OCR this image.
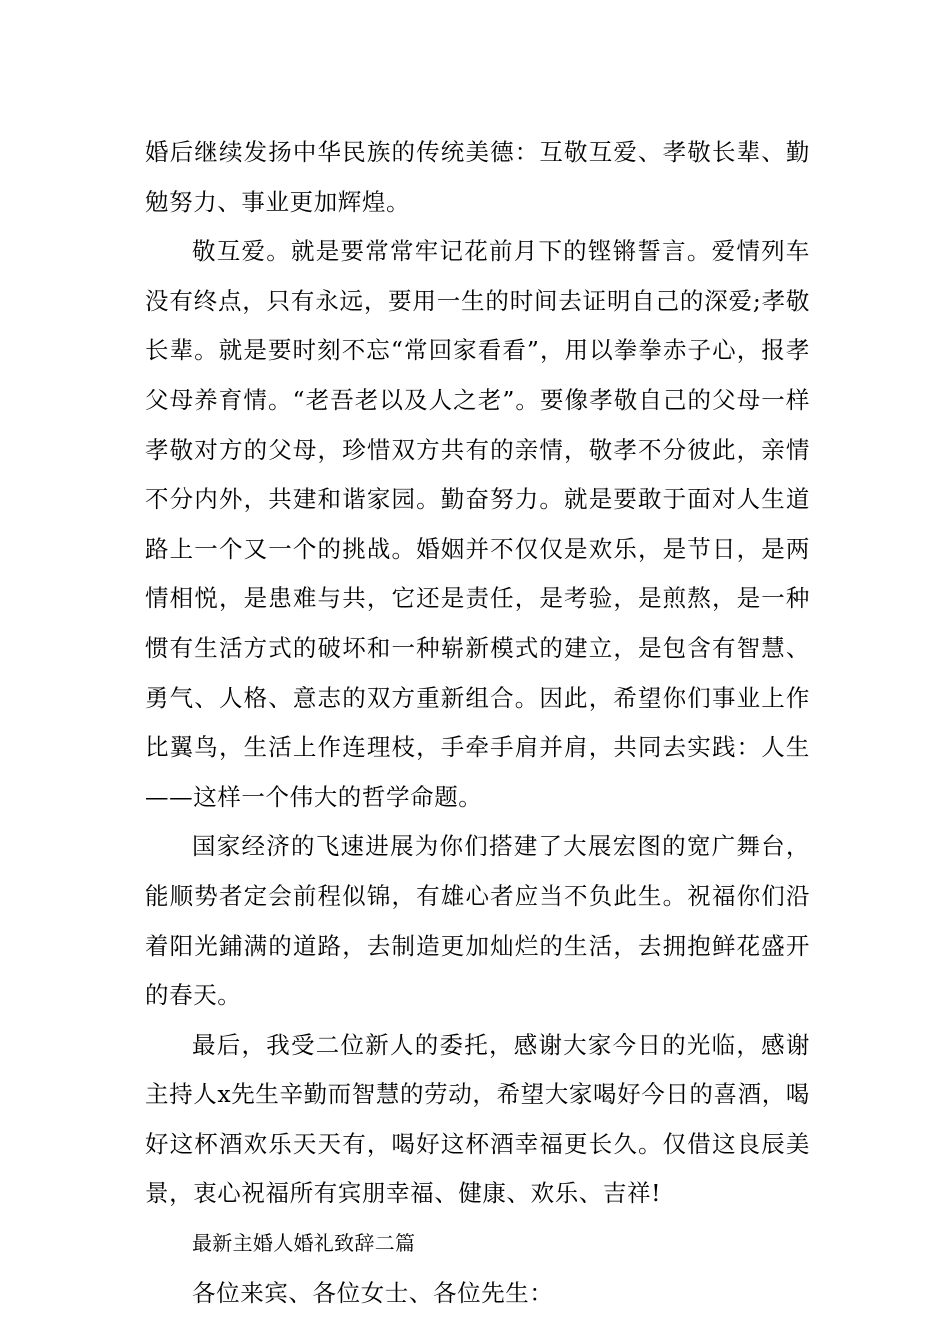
婚后继续发扬中华民族的传统美德：互敬互爱、孝敬长辈、勤勉努力、事业更加辉煌。

敬互爱。就是要常常牢记花前月下的铿锵誓言。爱情列车没有终点，只有永远，要用一生的时间去证明自己的深爱;孝敬长辈。就是要时刻不忘“常回家看看”，用以拳拳赤子心，报孝父母养育情。“老吾老以及人之老”。要像孝敬自己的父母一样孝敬对方的父母，珍惜双方共有的亲情，敬孝不分彼此，亲情不分内外，共建和谐家园。勤奋努力。就是要敢于面对人生道路上一个又一个的挑战。婚姻并不仅仅是欢乐，是节日，是两情相悦，是患难与共，它还是责任，是考验，是煎熬，是一种惯有生活方式的破坏和一种崭新模式的建立，是包含有智慧、勇气、人格、意志的双方重新组合。因此，希望你们事业上作比翼鸟，生活上作连理枝，手牵手肩并肩，共同去实践：人生——这样一个伟大的哲学命题。

国家经济的飞速进展为你们搭建了大展宏图的宽广舞台，能顺势者定会前程似锦，有雄心者应当不负此生。祝福你们沿着阳光鋪满的道路，去制造更加灿烂的生活，去拥抱鲜花盛开的春天。

最后，我受二位新人的委托，感谢大家今日的光临，感谢主持人x先生辛勤而智慧的劳动，希望大家喝好今日的喜酒，喝好这杯酒欢乐天天有，喝好这杯酒幸福更长久。仅借这良辰美景，衷心祝福所有宾朋幸福、健康、欢乐、吉祥!

最新主婚人婚礼致辞二篇

各位来宾、各位女士、各位先生：
